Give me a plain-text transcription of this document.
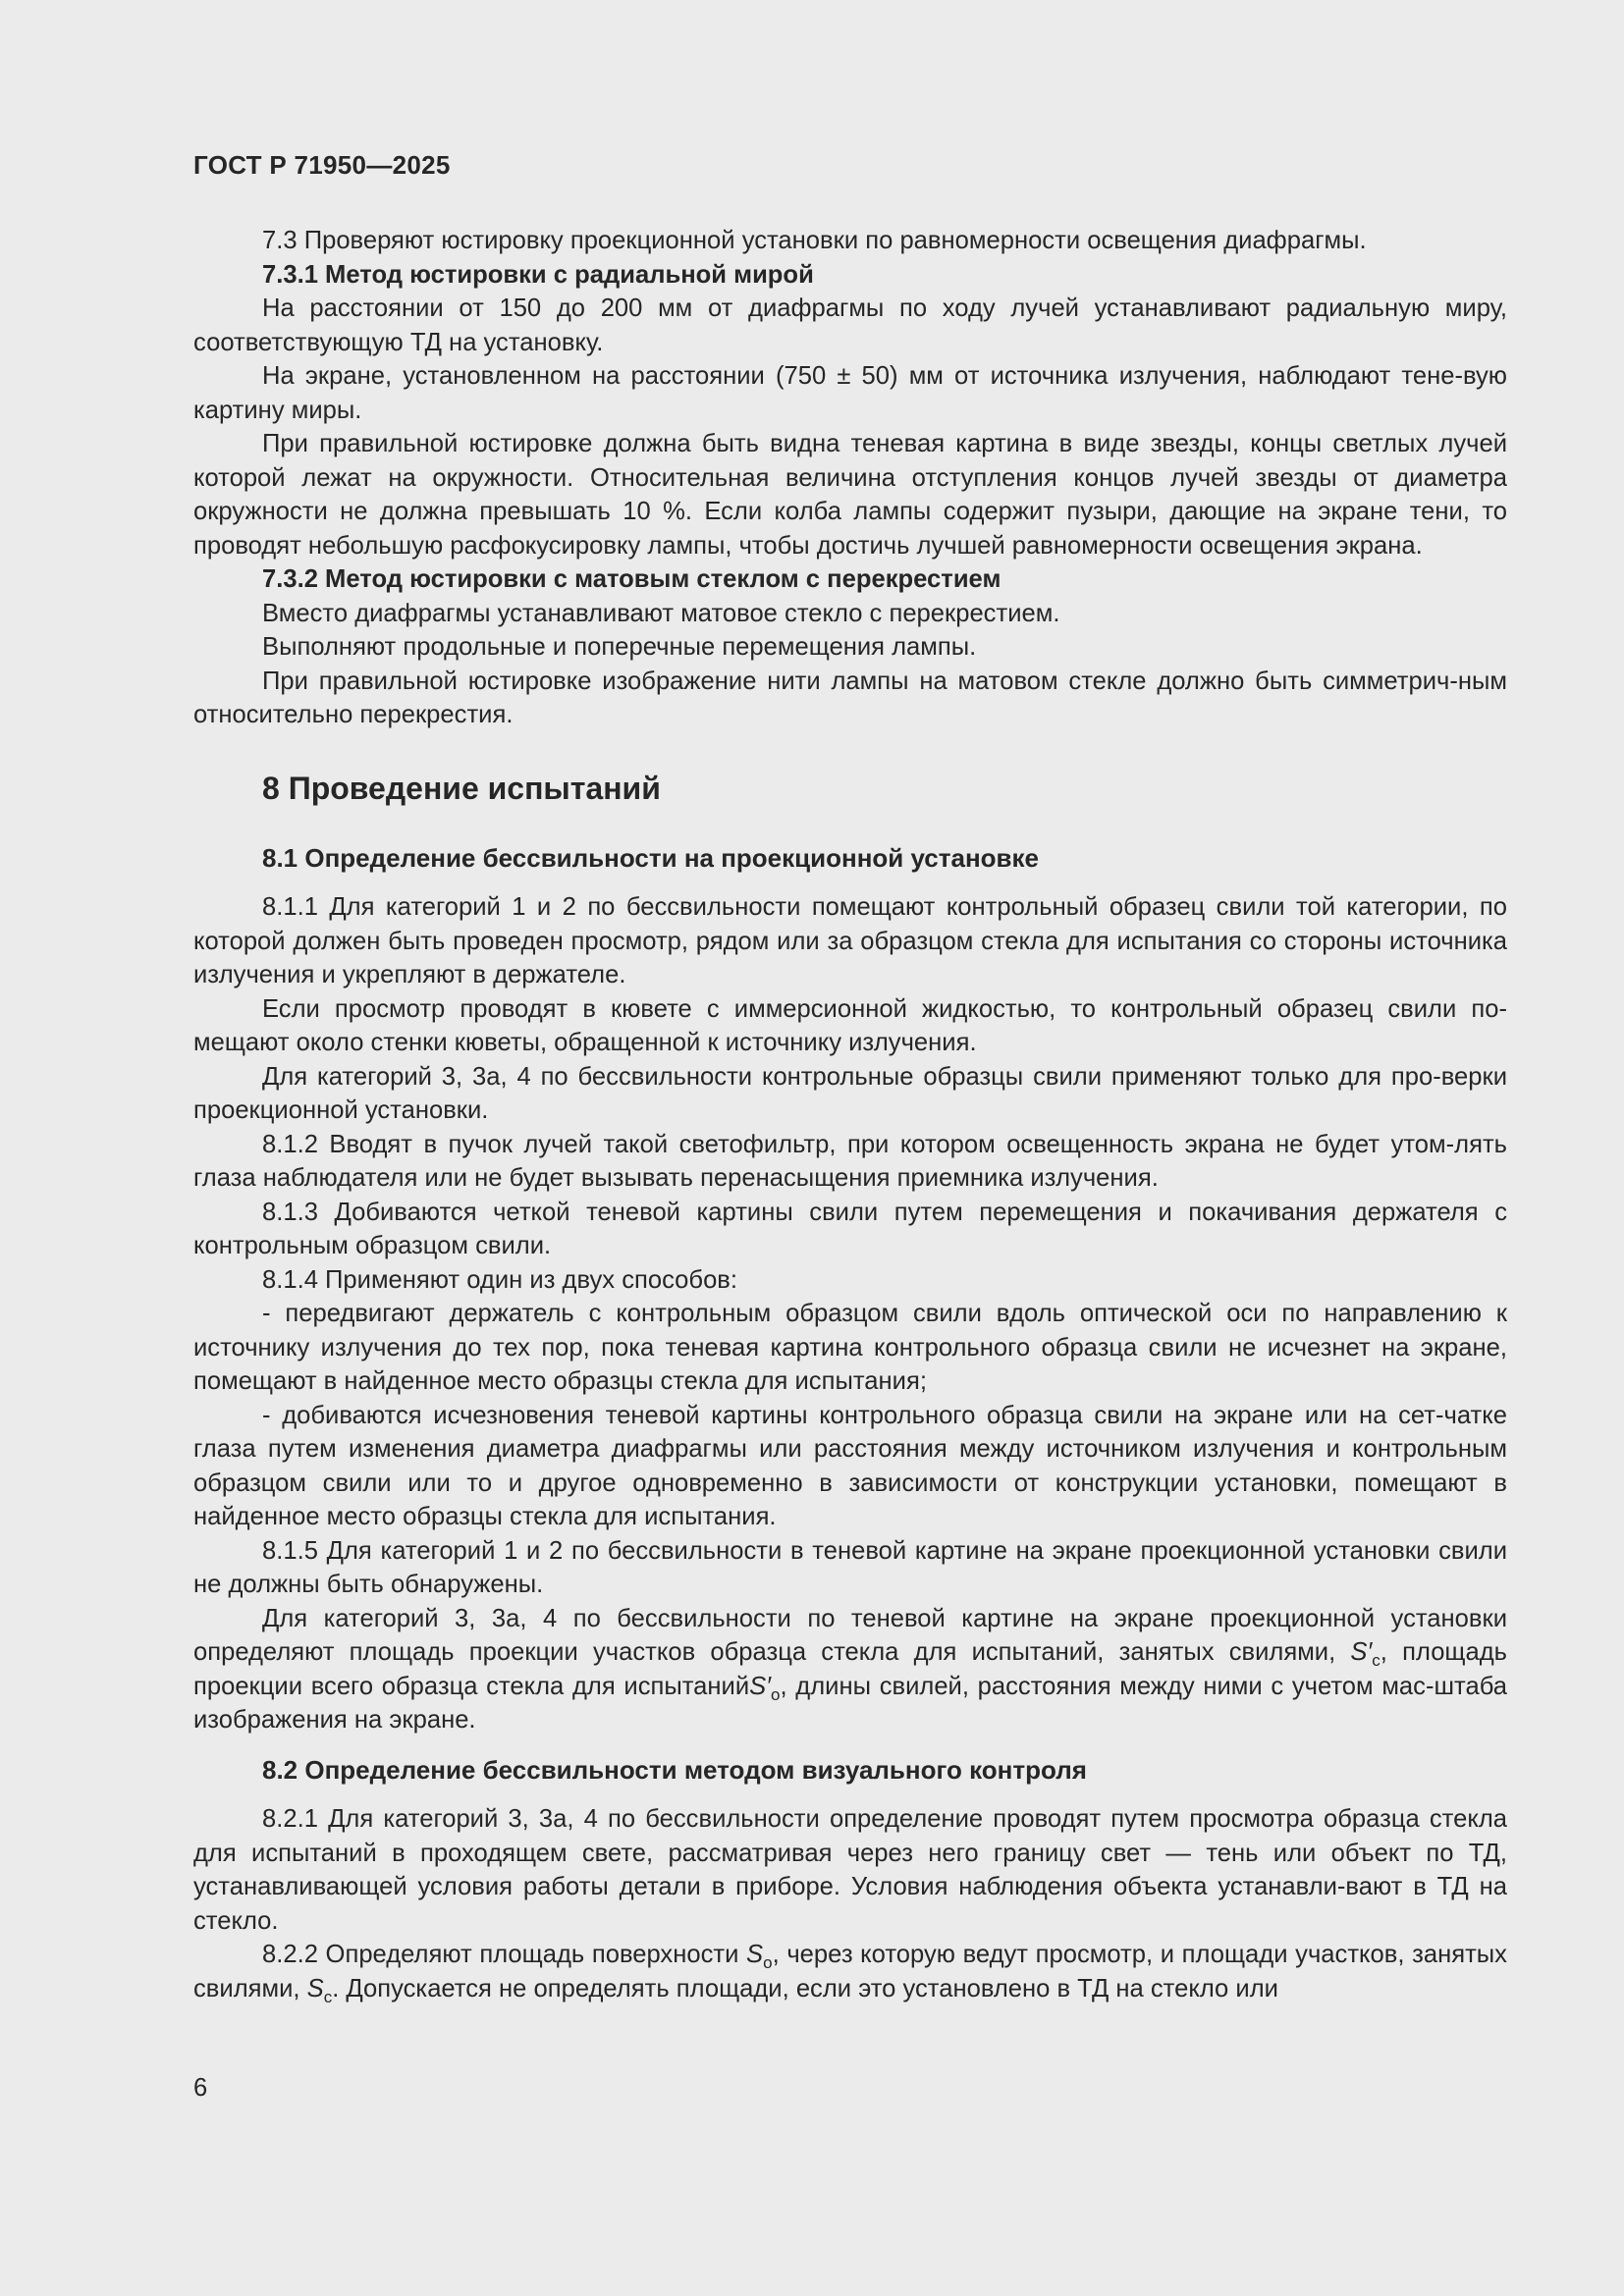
ГОСТ Р 71950—2025

7.3 Проверяют юстировку проекционной установки по равномерности освещения диафрагмы.

7.3.1 Метод юстировки с радиальной мирой

На расстоянии от 150 до 200 мм от диафрагмы по ходу лучей устанавливают радиальную миру, соответствующую ТД на установку.

На экране, установленном на расстоянии (750 ± 50) мм от источника излучения, наблюдают тене-вую картину миры.

При правильной юстировке должна быть видна теневая картина в виде звезды, концы светлых лучей которой лежат на окружности. Относительная величина отступления концов лучей звезды от диаметра окружности не должна превышать 10 %. Если колба лампы содержит пузыри, дающие на экране тени, то проводят небольшую расфокусировку лампы, чтобы достичь лучшей равномерности освещения экрана.

7.3.2 Метод юстировки с матовым стеклом с перекрестием

Вместо диафрагмы устанавливают матовое стекло с перекрестием.

Выполняют продольные и поперечные перемещения лампы.

При правильной юстировке изображение нити лампы на матовом стекле должно быть симметрич-ным относительно перекрестия.

8 Проведение испытаний
8.1 Определение бессвильности на проекционной установке

8.1.1 Для категорий 1 и 2 по бессвильности помещают контрольный образец свили той категории, по которой должен быть проведен просмотр, рядом или за образцом стекла для испытания со стороны источника излучения и укрепляют в держателе.

Если просмотр проводят в кювете с иммерсионной жидкостью, то контрольный образец свили по-мещают около стенки кюветы, обращенной к источнику излучения.

Для категорий 3, 3а, 4 по бессвильности контрольные образцы свили применяют только для про-верки проекционной установки.

8.1.2 Вводят в пучок лучей такой светофильтр, при котором освещенность экрана не будет утом-лять глаза наблюдателя или не будет вызывать перенасыщения приемника излучения.

8.1.3 Добиваются четкой теневой картины свили путем перемещения и покачивания держателя с контрольным образцом свили.

8.1.4 Применяют один из двух способов:

- передвигают держатель с контрольным образцом свили вдоль оптической оси по направлению к источнику излучения до тех пор, пока теневая картина контрольного образца свили не исчезнет на экране, помещают в найденное место образцы стекла для испытания;

- добиваются исчезновения теневой картины контрольного образца свили на экране или на сет-чатке глаза путем изменения диаметра диафрагмы или расстояния между источником излучения и контрольным образцом свили или то и другое одновременно в зависимости от конструкции установки, помещают в найденное место образцы стекла для испытания.

8.1.5 Для категорий 1 и 2 по бессвильности в теневой картине на экране проекционной установки свили не должны быть обнаружены.

Для категорий 3, 3а, 4 по бессвильности по теневой картине на экране проекционной установки определяют площадь проекции участков образца стекла для испытаний, занятых свилями, $S'_с$, площадь проекции всего образца стекла для $испытанийS'_о$, длины свилей, расстояния между ними с учетом мас-штаба изображения на экране.

8.2 Определение бессвильности методом визуального контроля

8.2.1 Для категорий 3, 3а, 4 по бессвильности определение проводят путем просмотра образца стекла для испытаний в проходящем свете, рассматривая через него границу свет — тень или объект по ТД, устанавливающей условия работы детали в приборе. Условия наблюдения объекта устанавли-вают в ТД на стекло.

8.2.2 Определяют площадь поверхности $S_о$, через которую ведут просмотр, и площади участков, занятых свилями, $S_с$. Допускается не определять площади, если это установлено в ТД на стекло или

6
